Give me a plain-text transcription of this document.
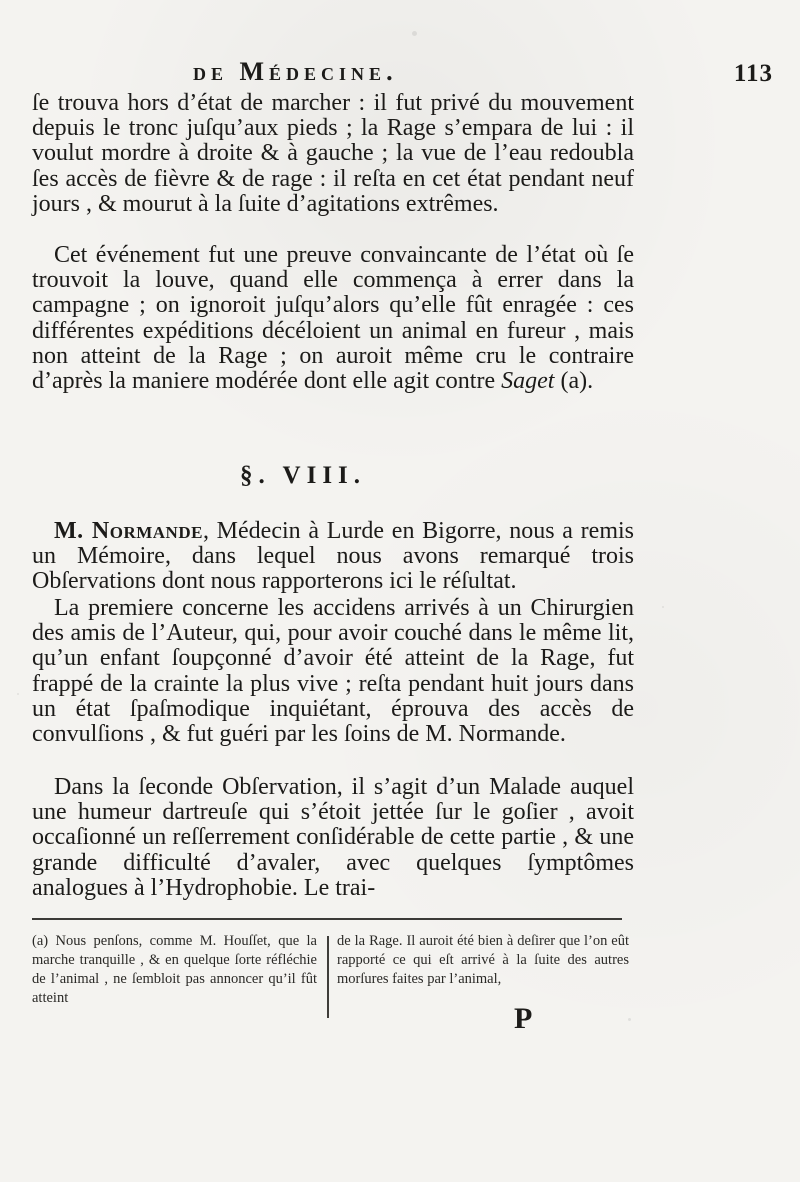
de Médecine.	113

ſe trouva hors d’état de marcher : il fut privé du mouvement depuis le tronc juſqu’aux pieds ; la Rage s’empara de lui : il voulut mordre à droite & à gauche ; la vue de l’eau redoubla ſes accès de fièvre & de rage : il reſta en cet état pendant neuf jours , & mourut à la ſuite d’agitations extrêmes.

Cet événement fut une preuve convaincante de l’état où ſe trouvoit la louve, quand elle commença à errer dans la campagne ; on ignoroit juſqu’alors qu’elle fût enragée : ces différentes expéditions décéloient un animal en fureur , mais non atteint de la Rage ; on auroit même cru le contraire d’après la maniere modérée dont elle agit contre Saget (a).

§. VIII.

M. Normande, Médecin à Lurde en Bigorre, nous a remis un Mémoire, dans lequel nous avons remarqué trois Obſervations dont nous rapporterons ici le réſultat.

La premiere concerne les accidens arrivés à un Chirurgien des amis de l’Auteur, qui, pour avoir couché dans le même lit, qu’un enfant ſoupçonné d’avoir été atteint de la Rage, fut frappé de la crainte la plus vive ; reſta pendant huit jours dans un état ſpaſmodique inquiétant, éprouva des accès de convulſions , & fut guéri par les ſoins de M. Normande.

Dans la ſeconde Obſervation, il s’agit d’un Malade auquel une humeur dartreuſe qui s’étoit jettée ſur le goſier , avoit occaſionné un reſſerrement conſidérable de cette partie , & une grande difficulté d’avaler, avec quelques ſymptômes analogues à l’Hydrophobie. Le trai-

(a) Nous penſons, comme M. Houſſet, que la marche tranquille , & en quelque ſorte réfléchie de l’animal , ne ſembloit pas annoncer qu’il fût atteint
de la Rage. Il auroit été bien à deſirer que l’on eût rapporté ce qui eſt arrivé à la ſuite des autres morſures faites par l’animal,
P
